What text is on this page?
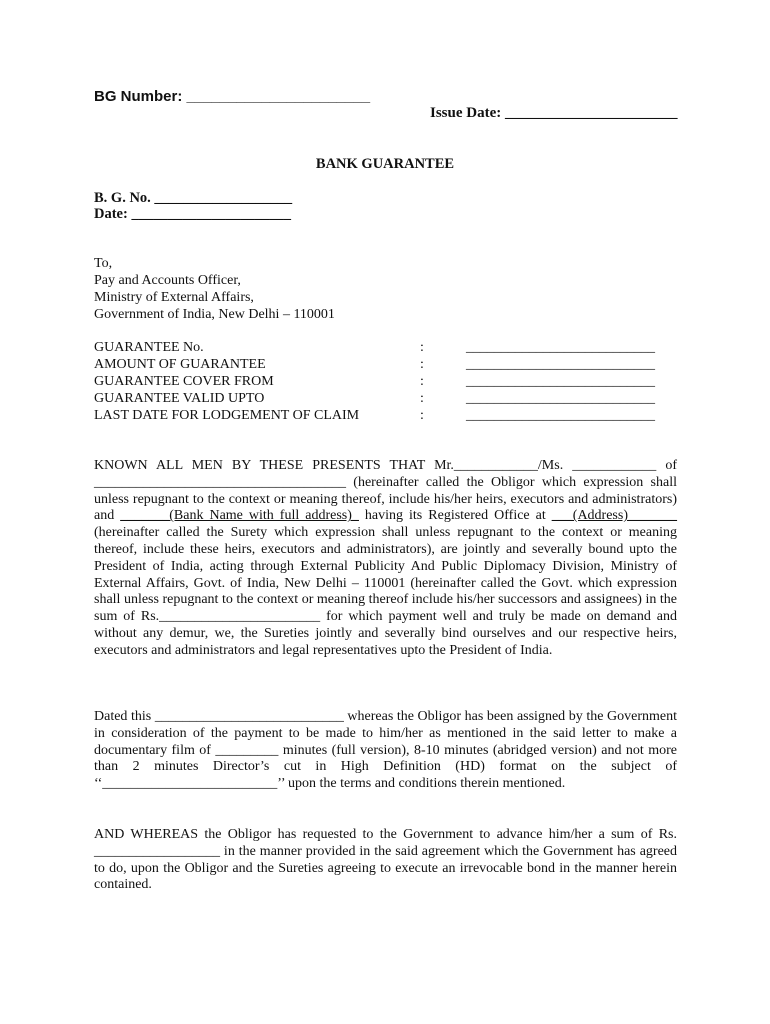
BG Number: ______________________
Issue Date: _______________________
BANK GUARANTEE
B. G. No. ___________________
Date: ______________________
To,
Pay and Accounts Officer,
Ministry of External Affairs,
Government of India, New Delhi – 110001
GUARANTEE No.	:	___________________________
AMOUNT OF GUARANTEE	:	___________________________
GUARANTEE COVER FROM	:	___________________________
GUARANTEE VALID UPTO	:	___________________________
LAST DATE FOR LODGEMENT OF CLAIM	:	___________________________
KNOWN ALL MEN BY THESE PRESENTS THAT Mr.____________/Ms. ____________ of ____________________________________ (hereinafter called the Obligor which expression shall unless repugnant to the context or meaning thereof, include his/her heirs, executors and administrators) and _______(Bank Name with full address)_ having its Registered Office at ___(Address)_______ (hereinafter called the Surety which expression shall unless repugnant to the context or meaning thereof, include these heirs, executors and administrators), are jointly and severally bound upto the President of India, acting through External Publicity And Public Diplomacy Division, Ministry of External Affairs, Govt. of India, New Delhi – 110001 (hereinafter called the Govt. which expression shall unless repugnant to the context or meaning thereof include his/her successors and assignees) in the sum of Rs._______________________ for which payment well and truly be made on demand and without any demur, we, the Sureties jointly and severally bind ourselves and our respective heirs, executors and administrators and legal representatives upto the President of India.
Dated this ___________________________ whereas the Obligor has been assigned by the Government in consideration of the payment to be made to him/her as mentioned in the said letter to make a documentary film of _________ minutes (full version), 8-10 minutes (abridged version) and not more than 2 minutes Director’s cut in High Definition (HD) format on the subject of ‘‘_________________________’’ upon the terms and conditions therein mentioned.
AND WHEREAS the Obligor has requested to the Government to advance him/her a sum of Rs. __________________ in the manner provided in the said agreement which the Government has agreed to do, upon the Obligor and the Sureties agreeing to execute an irrevocable bond in the manner herein contained.
